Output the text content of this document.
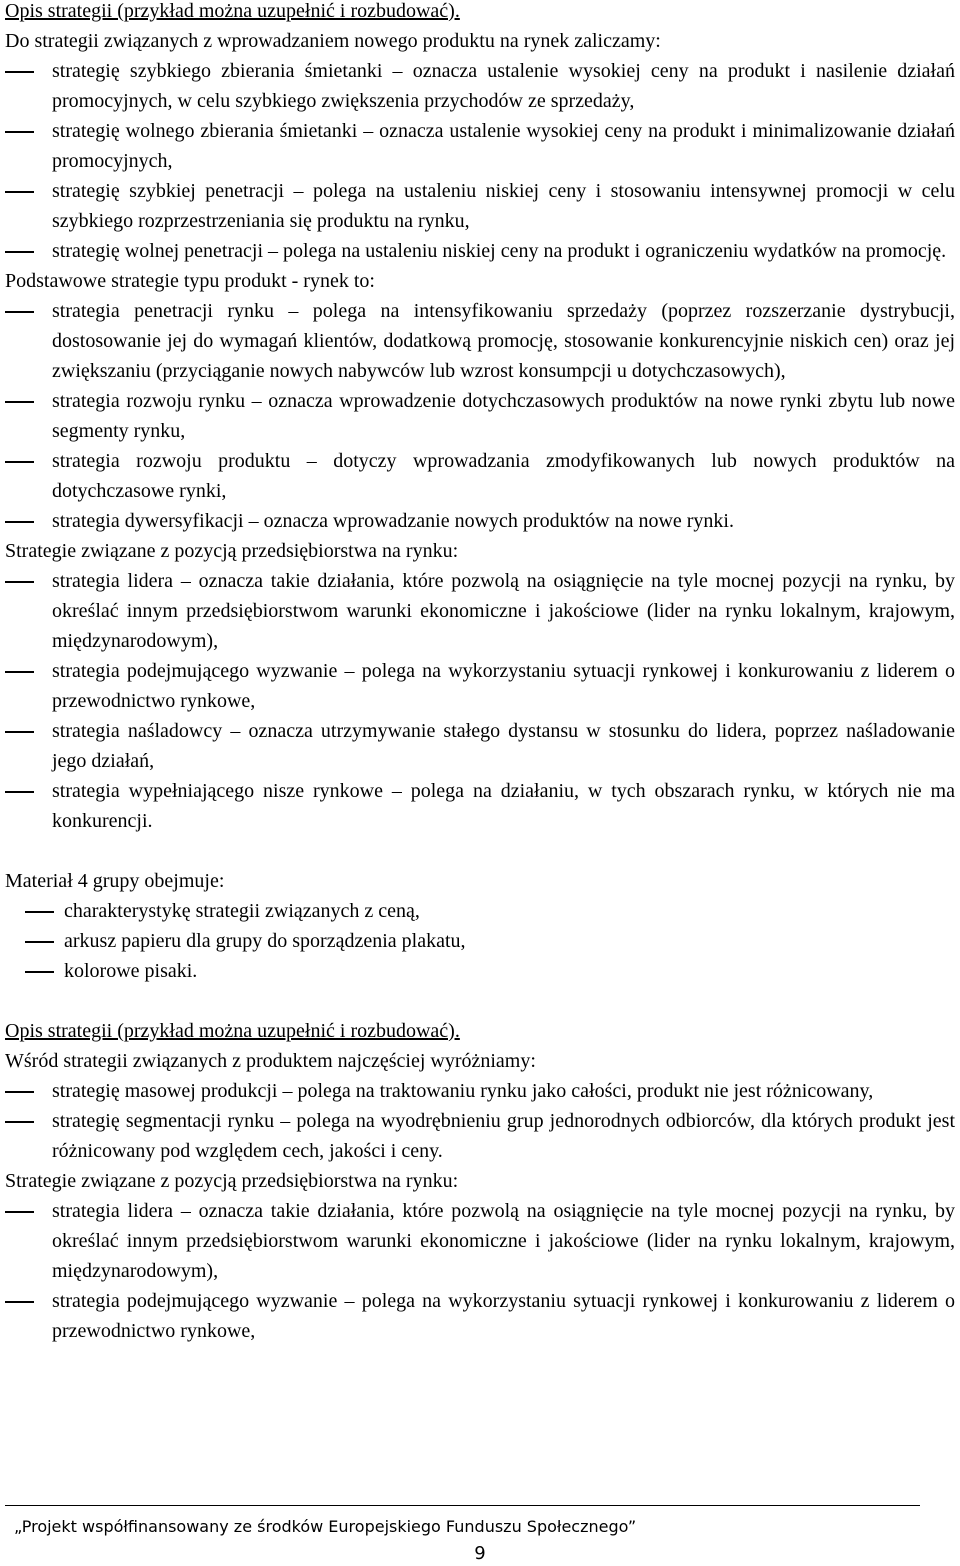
Opis strategii (przykład można uzupełnić i rozbudować).

Do strategii związanych z wprowadzaniem nowego produktu na rynek zaliczamy:

strategię szybkiego zbierania śmietanki – oznacza ustalenie wysokiej ceny na produkt i nasilenie działań promocyjnych, w celu szybkiego zwiększenia przychodów ze sprzedaży,
strategię wolnego zbierania śmietanki – oznacza ustalenie wysokiej ceny na produkt i minimalizowanie działań promocyjnych,
strategię szybkiej penetracji – polega na ustaleniu niskiej ceny i stosowaniu intensywnej promocji w celu szybkiego rozprzestrzeniania się produktu na rynku,
strategię wolnej penetracji – polega na ustaleniu niskiej ceny na produkt i ograniczeniu wydatków na promocję.

Podstawowe strategie typu produkt - rynek to:

strategia penetracji rynku – polega na intensyfikowaniu sprzedaży (poprzez rozszerzanie dystrybucji, dostosowanie jej do wymagań klientów, dodatkową promocję, stosowanie konkurencyjnie niskich cen) oraz jej zwiększaniu (przyciąganie nowych nabywców lub wzrost konsumpcji u dotychczasowych),
strategia rozwoju rynku – oznacza wprowadzenie dotychczasowych produktów na nowe rynki zbytu lub nowe segmenty rynku,
strategia rozwoju produktu – dotyczy wprowadzania zmodyfikowanych lub nowych produktów na dotychczasowe rynki,
strategia dywersyfikacji – oznacza wprowadzanie nowych produktów na nowe rynki.

Strategie związane z pozycją przedsiębiorstwa na rynku:

strategia lidera – oznacza takie działania, które pozwolą na osiągnięcie na tyle mocnej pozycji na rynku, by określać innym przedsiębiorstwom warunki ekonomiczne i jakościowe (lider na rynku lokalnym, krajowym, międzynarodowym),
strategia podejmującego wyzwanie – polega na wykorzystaniu sytuacji rynkowej i konkurowaniu z liderem o przewodnictwo rynkowe,
strategia naśladowcy – oznacza utrzymywanie stałego dystansu w stosunku do lidera, poprzez naśladowanie jego działań,
strategia wypełniającego nisze rynkowe – polega na działaniu, w tych obszarach rynku, w których nie ma konkurencji.

Materiał 4 grupy obejmuje:

charakterystykę strategii związanych z ceną,
arkusz papieru dla grupy do sporządzenia plakatu,
kolorowe pisaki.

Opis strategii (przykład można uzupełnić i rozbudować).

Wśród strategii związanych z produktem najczęściej wyróżniamy:

strategię masowej produkcji – polega na traktowaniu rynku jako całości, produkt nie jest różnicowany,
strategię segmentacji rynku – polega na wyodrębnieniu grup jednorodnych odbiorców, dla których produkt jest różnicowany pod względem cech, jakości i ceny.

Strategie związane z pozycją przedsiębiorstwa na rynku:

strategia lidera – oznacza takie działania, które pozwolą na osiągnięcie na tyle mocnej pozycji na rynku, by określać innym przedsiębiorstwom warunki ekonomiczne i jakościowe (lider na rynku lokalnym, krajowym, międzynarodowym),
strategia podejmującego wyzwanie – polega na wykorzystaniu sytuacji rynkowej i konkurowaniu z liderem o przewodnictwo rynkowe,
„Projekt współfinansowany ze środków Europejskiego Funduszu Społecznego”
9
